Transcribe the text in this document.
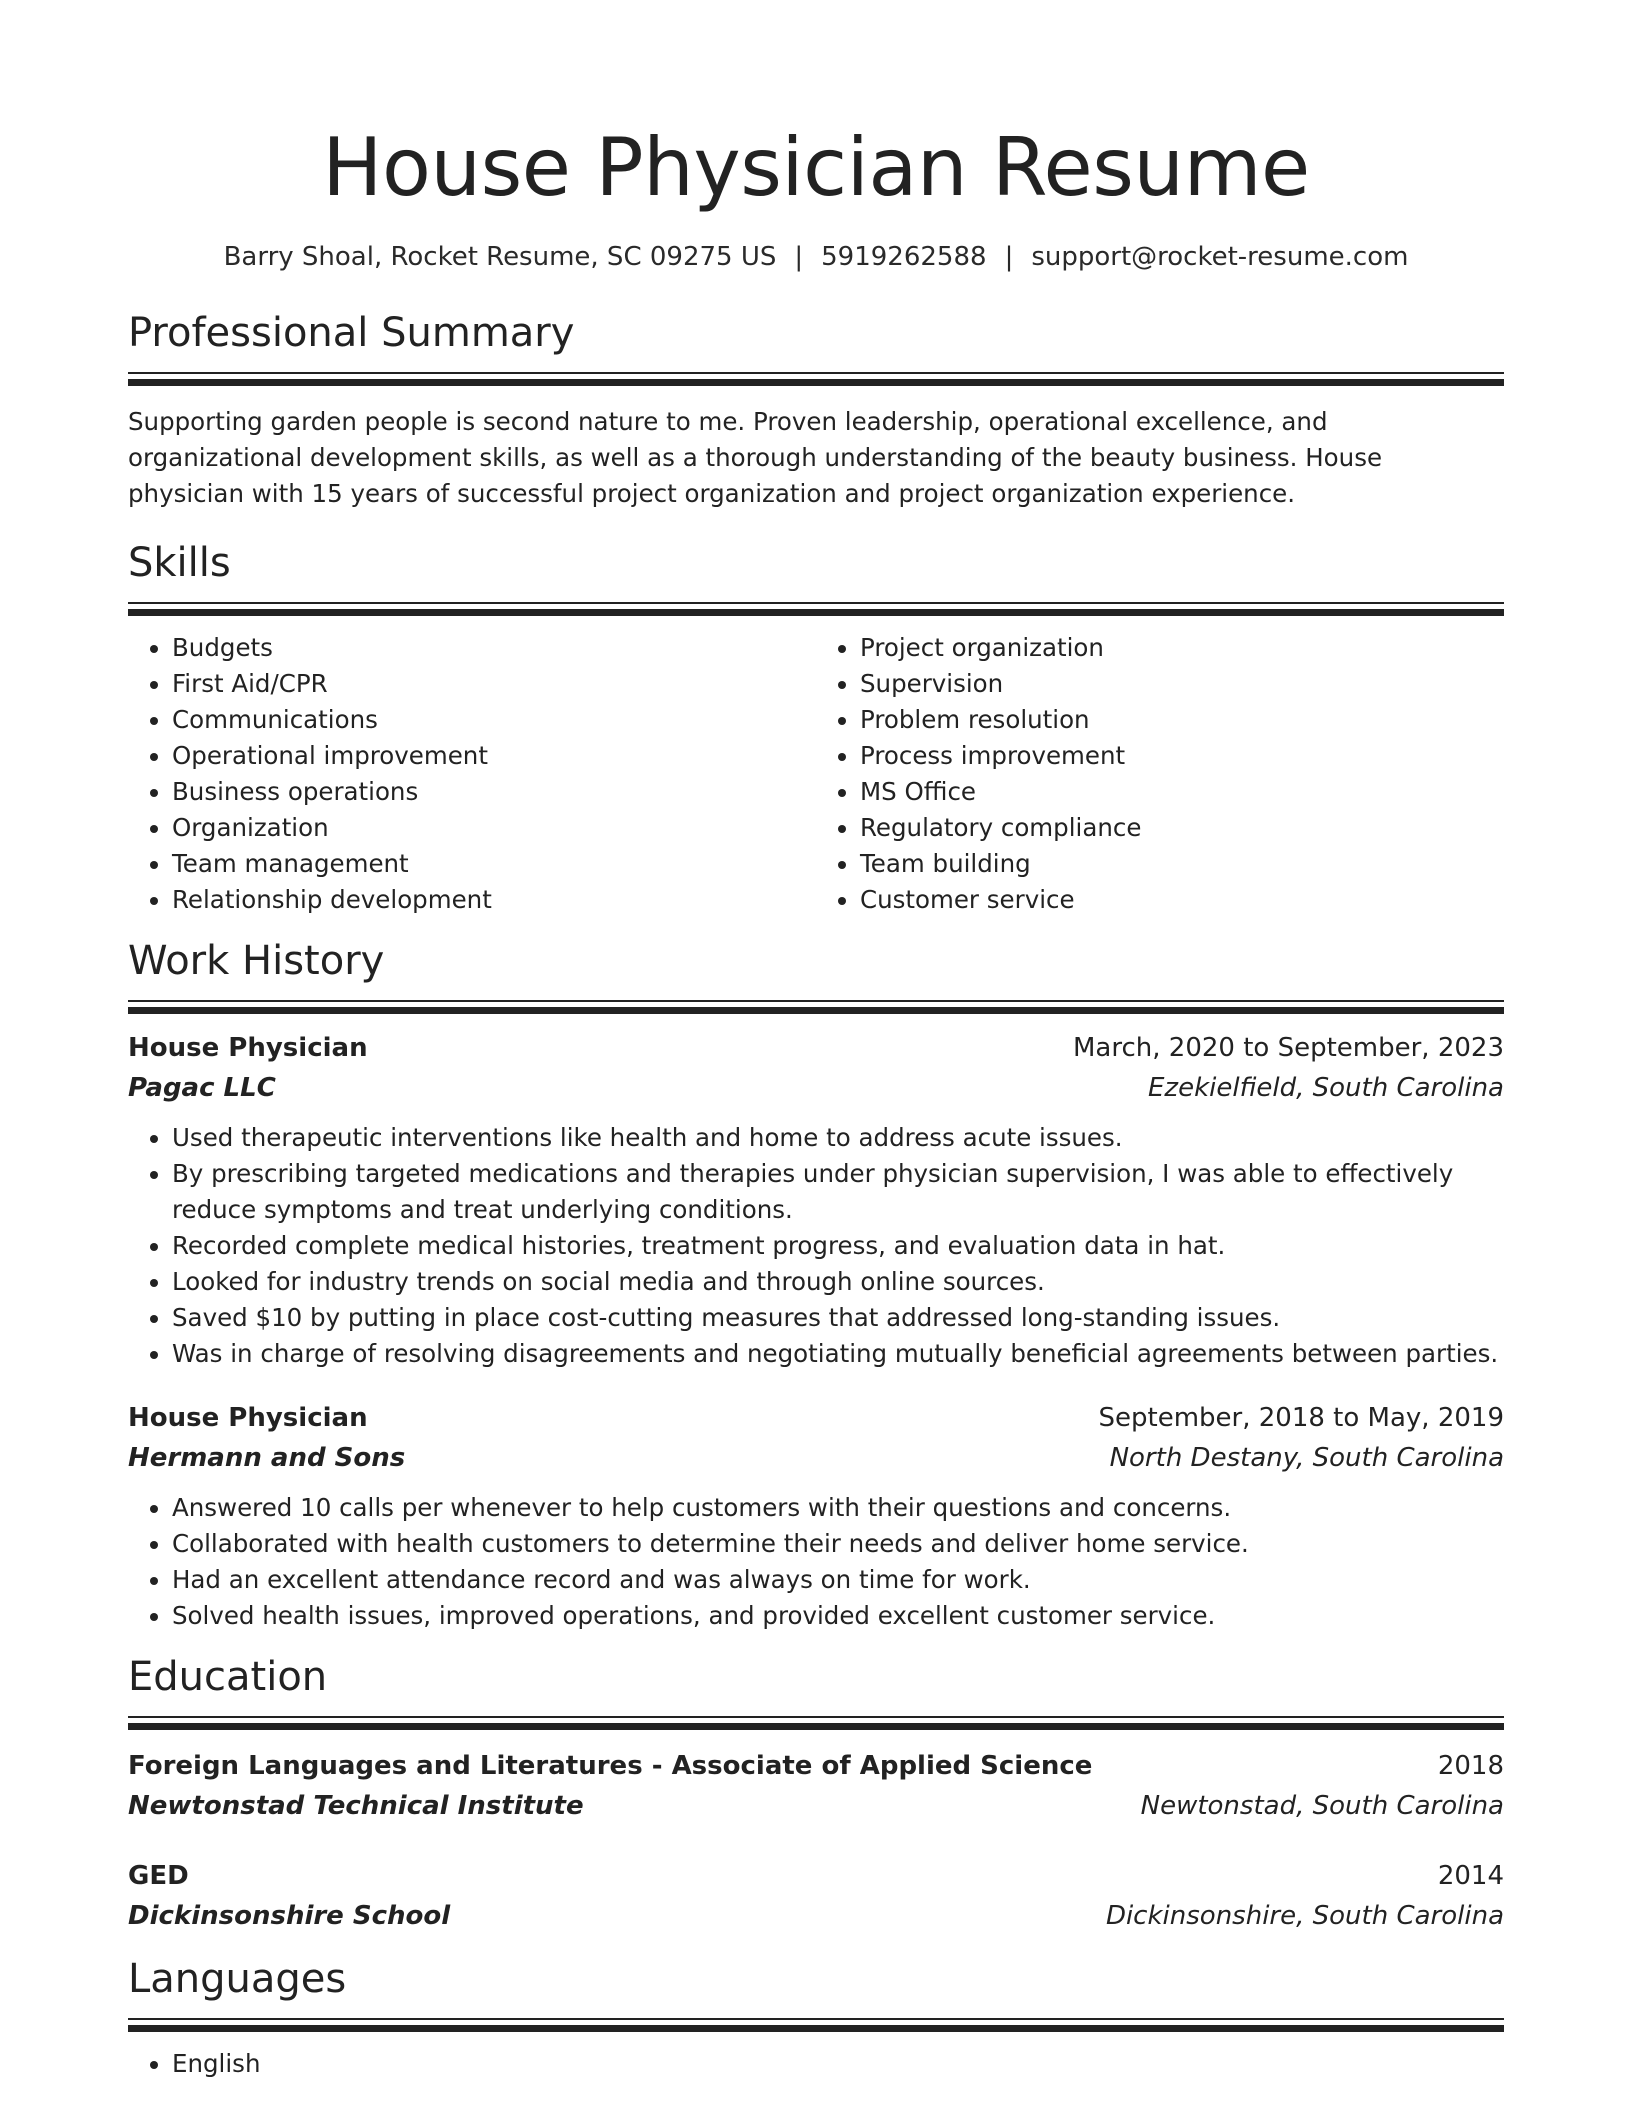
House Physician Resume
Barry Shoal, Rocket Resume, SC 09275 US | 5919262588 | support@rocket-resume.com
Professional Summary
Supporting garden people is second nature to me. Proven leadership, operational excellence, and organizational development skills, as well as a thorough understanding of the beauty business. House physician with 15 years of successful project organization and project organization experience.
Skills
• Budgets
• First Aid/CPR
• Communications
• Operational improvement
• Business operations
• Organization
• Team management
• Relationship development
• Project organization
• Supervision
• Problem resolution
• Process improvement
• MS Office
• Regulatory compliance
• Team building
• Customer service
Work History
House Physician	March, 2020 to September, 2023
Pagac LLC	Ezekielfield, South Carolina
• Used therapeutic interventions like health and home to address acute issues.
• By prescribing targeted medications and therapies under physician supervision, I was able to effectively reduce symptoms and treat underlying conditions.
• Recorded complete medical histories, treatment progress, and evaluation data in hat.
• Looked for industry trends on social media and through online sources.
• Saved $10 by putting in place cost-cutting measures that addressed long-standing issues.
• Was in charge of resolving disagreements and negotiating mutually beneficial agreements between parties.
House Physician	September, 2018 to May, 2019
Hermann and Sons	North Destany, South Carolina
• Answered 10 calls per whenever to help customers with their questions and concerns.
• Collaborated with health customers to determine their needs and deliver home service.
• Had an excellent attendance record and was always on time for work.
• Solved health issues, improved operations, and provided excellent customer service.
Education
Foreign Languages and Literatures - Associate of Applied Science	2018
Newtonstad Technical Institute	Newtonstad, South Carolina
GED	2014
Dickinsonshire School	Dickinsonshire, South Carolina
Languages
• English
